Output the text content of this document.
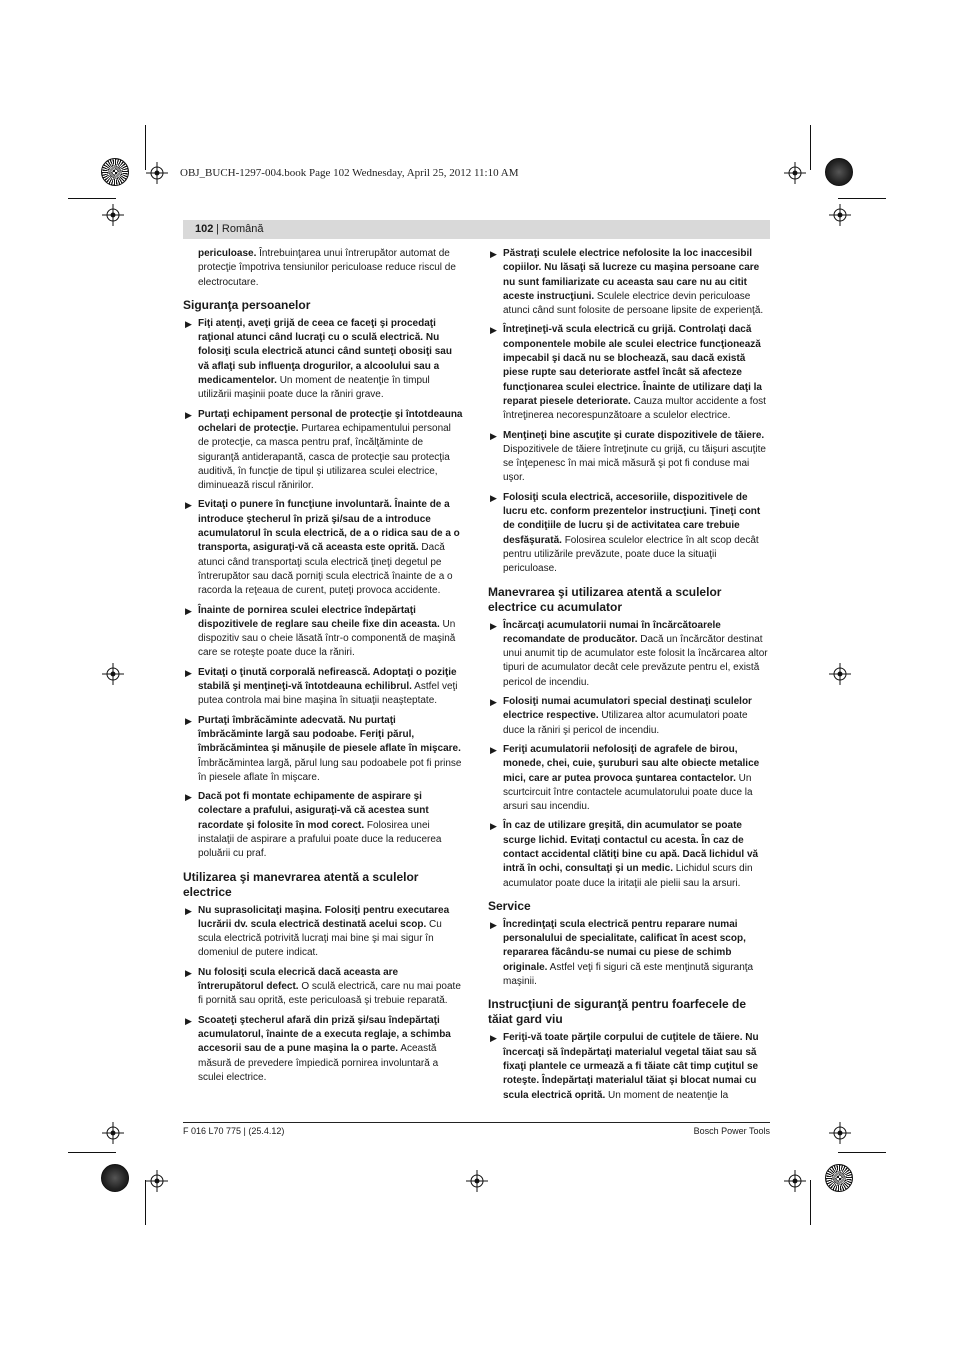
OBJ_BUCH-1297-004.book Page 102 Wednesday, April 25, 2012 11:10 AM
102 | Română

periculoase. Întrebuinţarea unui întrerupător automat de protecţie împotriva tensiunilor periculoase reduce riscul de electrocutare.

Siguranţa persoanelor
▶ Fiţi atenţi, aveţi grijă de ceea ce faceţi şi procedaţi raţional atunci când lucraţi cu o sculă electrică. Nu folosiţi scula electrică atunci când sunteţi obosiţi sau vă aflaţi sub influenţa drogurilor, a alcoolului sau a medicamentelor. Un moment de neatenţie în timpul utilizării maşinii poate duce la răniri grave.
▶ Purtaţi echipament personal de protecţie şi întotdeauna ochelari de protecţie. Purtarea echipamentului personal de protecţie, ca masca pentru praf, încălţăminte de siguranţă antiderapantă, casca de protecţie sau protecţia auditivă, în funcţie de tipul şi utilizarea sculei electrice, diminuează riscul rănirilor.
▶ Evitaţi o punere în funcţiune involuntară. Înainte de a introduce ştecherul în priză şi/sau de a introduce acumulatorul în scula electrică, de a o ridica sau de a o transporta, asiguraţi-vă că aceasta este oprită. Dacă atunci când transportaţi scula electrică ţineţi degetul pe întrerupător sau dacă porniţi scula electrică înainte de a o racorda la reţeaua de curent, puteţi provoca accidente.
▶ Înainte de pornirea sculei electrice îndepărtaţi dispozitivele de reglare sau cheile fixe din aceasta. Un dispozitiv sau o cheie lăsată într-o componentă de maşină care se roteşte poate duce la răniri.
▶ Evitaţi o ţinută corporală nefirească. Adoptaţi o poziţie stabilă şi menţineţi-vă întotdeauna echilibrul. Astfel veţi putea controla mai bine maşina în situaţii neaşteptate.
▶ Purtaţi îmbrăcăminte adecvată. Nu purtaţi îmbrăcăminte largă sau podoabe. Feriţi părul, îmbrăcămintea şi mănuşile de piesele aflate în mişcare. Îmbrăcămintea largă, părul lung sau podoabele pot fi prinse în piesele aflate în mişcare.
▶ Dacă pot fi montate echipamente de aspirare şi colectare a prafului, asiguraţi-vă că acestea sunt racordate şi folosite în mod corect. Folosirea unei instalaţii de aspirare a prafului poate duce la reducerea poluării cu praf.
Utilizarea şi manevrarea atentă a sculelor electrice
▶ Nu suprasolicitaţi maşina. Folosiţi pentru executarea lucrării dv. scula electrică destinată acelui scop. Cu scula electrică potrivită lucraţi mai bine şi mai sigur în domeniul de putere indicat.
▶ Nu folosiţi scula elecrică dacă aceasta are întrerupătorul defect. O sculă electrică, care nu mai poate fi pornită sau oprită, este periculoasă şi trebuie reparată.
▶ Scoateţi ştecherul afară din priză şi/sau îndepărtaţi acumulatorul, înainte de a executa reglaje, a schimba accesorii sau de a pune maşina la o parte. Această măsură de prevedere împiedică pornirea involuntară a sculei electrice.
▶ Păstraţi sculele electrice nefolosite la loc inaccesibil copiilor. Nu lăsaţi să lucreze cu maşina persoane care nu sunt familiarizate cu aceasta sau care nu au citit aceste instrucţiuni. Sculele electrice devin periculoase atunci când sunt folosite de persoane lipsite de experienţă.
▶ Întreţineţi-vă scula electrică cu grijă. Controlaţi dacă componentele mobile ale sculei electrice funcţionează impecabil şi dacă nu se blochează, sau dacă există piese rupte sau deteriorate astfel încât să afecteze funcţionarea sculei electrice. Înainte de utilizare daţi la reparat piesele deteriorate. Cauza multor accidente a fost întreţinerea necorespunzătoare a sculelor electrice.
▶ Menţineţi bine ascuţite şi curate dispozitivele de tăiere. Dispozitivele de tăiere întreţinute cu grijă, cu tăişuri ascuţite se înţepenesc în mai mică măsură şi pot fi conduse mai uşor.
▶ Folosiţi scula electrică, accesoriile, dispozitivele de lucru etc. conform prezentelor instrucţiuni. Ţineţi cont de condiţiile de lucru şi de activitatea care trebuie desfăşurată. Folosirea sculelor electrice în alt scop decât pentru utilizările prevăzute, poate duce la situaţii periculoase.
Manevrarea şi utilizarea atentă a sculelor electrice cu acumulator
▶ Încărcaţi acumulatorii numai în încărcătoarele recomandate de producător. Dacă un încărcător destinat unui anumit tip de acumulator este folosit la încărcarea altor tipuri de acumulator decât cele prevăzute pentru el, există pericol de incendiu.
▶ Folosiţi numai acumulatori special destinaţi sculelor electrice respective. Utilizarea altor acumulatori poate duce la răniri şi pericol de incendiu.
▶ Feriţi acumulatorii nefolosiţi de agrafele de birou, monede, chei, cuie, şuruburi sau alte obiecte metalice mici, care ar putea provoca şuntarea contactelor. Un scurtcircuit între contactele acumulatorului poate duce la arsuri sau incendiu.
▶ În caz de utilizare greşită, din acumulator se poate scurge lichid. Evitaţi contactul cu acesta. În caz de contact accidental clătiţi bine cu apă. Dacă lichidul vă intră în ochi, consultaţi şi un medic. Lichidul scurs din acumulator poate duce la iritaţii ale pielii sau la arsuri.
Service
▶ Încredinţaţi scula electrică pentru reparare numai personalului de specialitate, calificat în acest scop, repararea făcându-se numai cu piese de schimb originale. Astfel veţi fi siguri că este menţinută siguranţa maşinii.
Instrucţiuni de siguranţă pentru foarfecele de tăiat gard viu
▶ Feriţi-vă toate părţile corpului de cuţitele de tăiere. Nu încercaţi să îndepărtaţi materialul vegetal tăiat sau să fixaţi plantele ce urmează a fi tăiate cât timp cuţitul se roteşte. Îndepărtaţi materialul tăiat şi blocat numai cu scula electrică oprită. Un moment de neatenţie la
F 016 L70 775 | (25.4.12)	Bosch Power Tools
